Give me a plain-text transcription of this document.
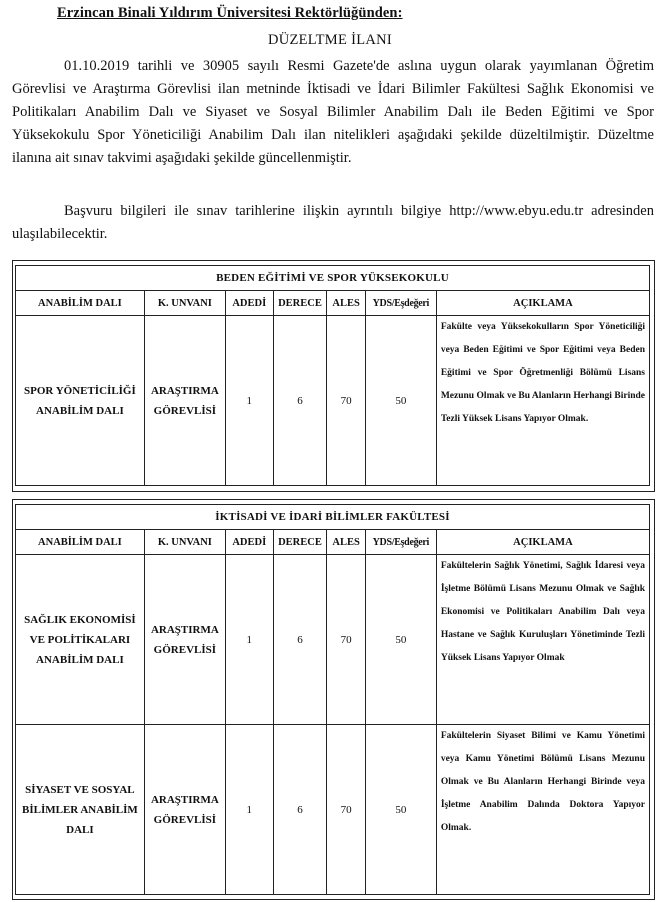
Erzincan Binali Yıldırım Üniversitesi Rektörlüğünden:
DÜZELTME İLANI
01.10.2019 tarihli ve 30905 sayılı Resmi Gazete'de aslına uygun olarak yayımlanan Öğretim Görevlisi ve Araştırma Görevlisi ilan metninde İktisadi ve İdari Bilimler Fakültesi Sağlık Ekonomisi ve Politikaları Anabilim Dalı ve Siyaset ve Sosyal Bilimler Anabilim Dalı ile Beden Eğitimi ve Spor Yüksekokulu Spor Yöneticiliği Anabilim Dalı ilan nitelikleri aşağıdaki şekilde düzeltilmiştir. Düzeltme ilanına ait sınav takvimi aşağıdaki şekilde güncellenmiştir.
Başvuru bilgileri ile sınav tarihlerine ilişkin ayrıntılı bilgiye http://www.ebyu.edu.tr adresinden ulaşılabilecektir.
BEDEN EĞİTİMİ VE SPOR YÜKSEKOKULU						
ANABİLİM DALI	K. UNVANI	ADEDİ	DERECE	ALES	YDS/Eşdeğeri	AÇIKLAMA
SPOR YÖNETİCİLİĞİ ANABİLİM DALI	ARAŞTIRMA GÖREVLİSİ	1	6	70	50	Fakülte veya Yüksekokulların Spor Yöneticiliği veya Beden Eğitimi ve Spor Eğitimi veya Beden Eğitimi ve Spor Öğretmenliği Bölümü Lisans Mezunu Olmak ve Bu Alanların Herhangi Birinde Tezli Yüksek Lisans Yapıyor Olmak.
İKTİSADİ VE İDARİ BİLİMLER FAKÜLTESİ						
ANABİLİM DALI	K. UNVANI	ADEDİ	DERECE	ALES	YDS/Eşdeğeri	AÇIKLAMA
SAĞLIK EKONOMİSİ VE POLİTİKALARI ANABİLİM DALI	ARAŞTIRMA GÖREVLİSİ	1	6	70	50	Fakültelerin Sağlık Yönetimi, Sağlık İdaresi veya İşletme Bölümü Lisans Mezunu Olmak ve Sağlık Ekonomisi ve Politikaları Anabilim Dalı veya Hastane ve Sağlık Kuruluşları Yönetiminde Tezli Yüksek Lisans Yapıyor Olmak
SİYASET VE SOSYAL BİLİMLER ANABİLİM DALI	ARAŞTIRMA GÖREVLİSİ	1	6	70	50	Fakültelerin Siyaset Bilimi ve Kamu Yönetimi veya Kamu Yönetimi Bölümü Lisans Mezunu Olmak ve Bu Alanların Herhangi Birinde veya İşletme Anabilim Dalında Doktora Yapıyor Olmak.
